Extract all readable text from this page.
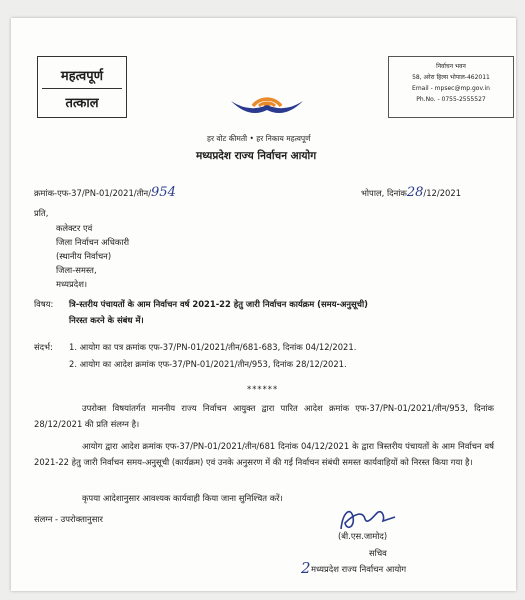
महत्वपूर्ण
तत्काल
निर्वाचन भवन
58, अरेरा हिल्स भोपाल-462011
Email - mpsec@mp.gov.in
Ph.No. - 0755-2555527
हर वोट कीमती • हर निकाय महत्वपूर्ण
मध्यप्रदेश राज्य निर्वाचन आयोग
क्रमांक-एफ-37/PN-01/2021/तीन/954	भोपाल, दिनांक28/12/2021
प्रति,
कलेक्टर एवं
जिला निर्वाचन अधिकारी
(स्थानीय निर्वाचन)
जिला-समस्त,
मध्यप्रदेश।
विषय: त्रि-स्तरीय पंचायतों के आम निर्वाचन वर्ष 2021-22 हेतु जारी निर्वाचन कार्यक्रम (समय-अनुसूची)
निरस्त करने के संबंध में।
संदर्भ: 1. आयोग का पत्र क्रमांक एफ-37/PN-01/2021/तीन/681-683, दिनांक 04/12/2021.
2. आयोग का आदेश क्रमांक एफ-37/PN-01/2021/तीन/953, दिनांक 28/12/2021.
******
उपरोक्त विषयांतर्गत माननीय राज्य निर्वाचन आयुक्त द्वारा पारित आदेश क्रमांक एफ-37/PN-01/2021/तीन/953, दिनांक 28/12/2021 की प्रति संलग्न है।
आयोग द्वारा आदेश क्रमांक एफ-37/PN-01/2021/तीन/681 दिनांक 04/12/2021 के द्वारा त्रिस्तरीय पंचायतों के आम निर्वाचन वर्ष 2021-22 हेतु जारी निर्वाचन समय-अनुसूची (कार्यक्रम) एवं उनके अनुसरण में की गई निर्वाचन संबंधी समस्त कार्यवाहियों को निरस्त किया गया है।
कृपया आदेशानुसार आवश्यक कार्यवाही किया जाना सुनिश्चित करें।
संलग्न - उपरोक्तानुसार
(बी.एस.जामोद)
सचिव
2 मध्यप्रदेश राज्य निर्वाचन आयोग
